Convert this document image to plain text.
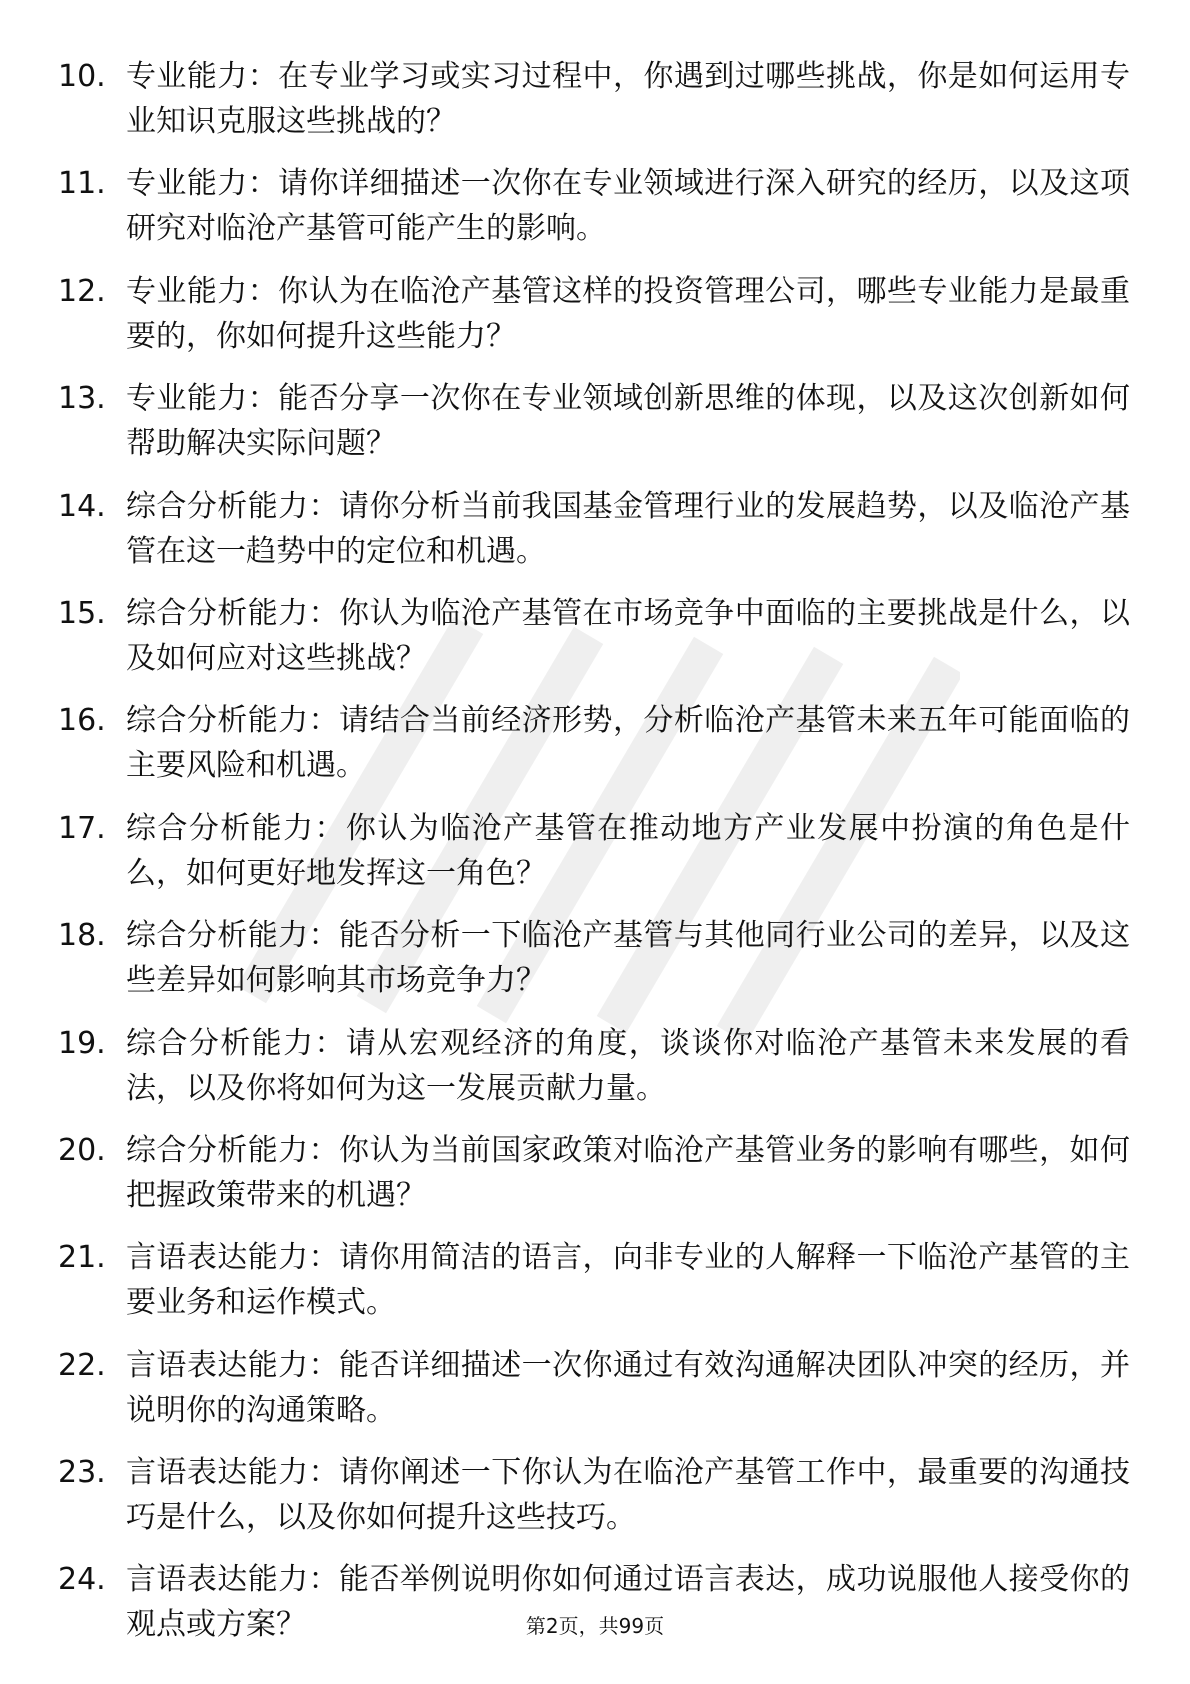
10. 专业能力：在专业学习或实习过程中，你遇到过哪些挑战，你是如何运用专业知识克服这些挑战的？
11. 专业能力：请你详细描述一次你在专业领域进行深入研究的经历，以及这项研究对临沧产基管可能产生的影响。
12. 专业能力：你认为在临沧产基管这样的投资管理公司，哪些专业能力是最重要的，你如何提升这些能力？
13. 专业能力：能否分享一次你在专业领域创新思维的体现，以及这次创新如何帮助解决实际问题？
14. 综合分析能力：请你分析当前我国基金管理行业的发展趋势，以及临沧产基管在这一趋势中的定位和机遇。
15. 综合分析能力：你认为临沧产基管在市场竞争中面临的主要挑战是什么，以及如何应对这些挑战？
16. 综合分析能力：请结合当前经济形势，分析临沧产基管未来五年可能面临的主要风险和机遇。
17. 综合分析能力：你认为临沧产基管在推动地方产业发展中扮演的角色是什么，如何更好地发挥这一角色？
18. 综合分析能力：能否分析一下临沧产基管与其他同行业公司的差异，以及这些差异如何影响其市场竞争力？
19. 综合分析能力：请从宏观经济的角度，谈谈你对临沧产基管未来发展的看法，以及你将如何为这一发展贡献力量。
20. 综合分析能力：你认为当前国家政策对临沧产基管业务的影响有哪些，如何把握政策带来的机遇？
21. 言语表达能力：请你用简洁的语言，向非专业的人解释一下临沧产基管的主要业务和运作模式。
22. 言语表达能力：能否详细描述一次你通过有效沟通解决团队冲突的经历，并说明你的沟通策略。
23. 言语表达能力：请你阐述一下你认为在临沧产基管工作中，最重要的沟通技巧是什么，以及你如何提升这些技巧。
24. 言语表达能力：能否举例说明你如何通过语言表达，成功说服他人接受你的观点或方案？	第2页，共99页
